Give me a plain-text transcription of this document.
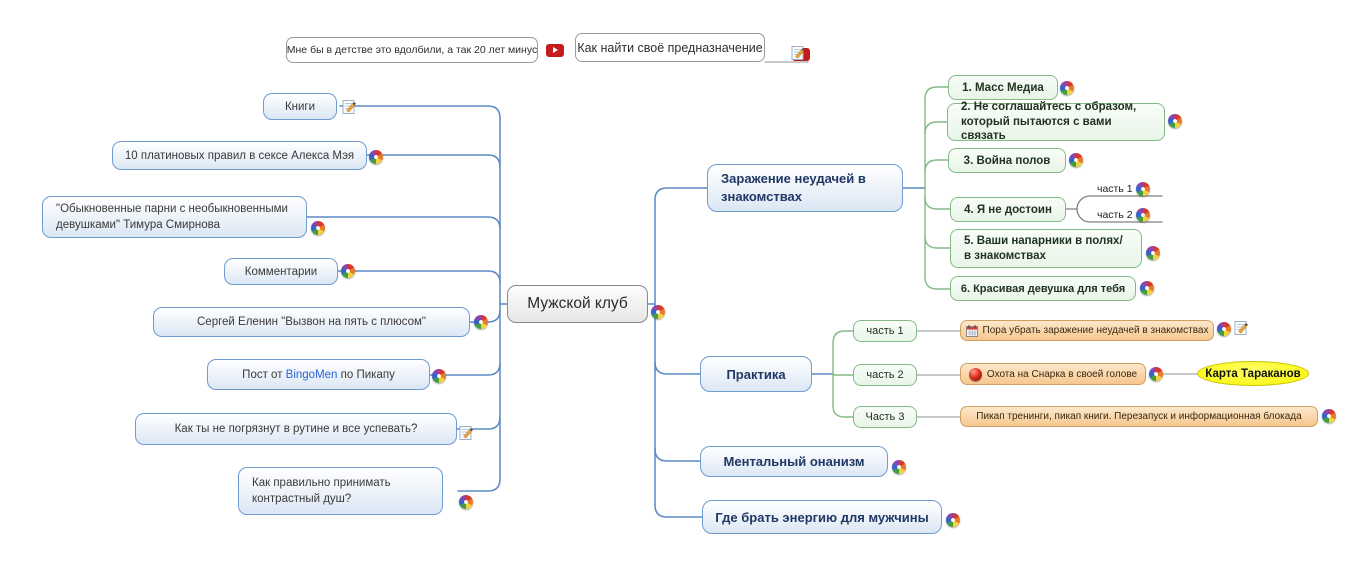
Мне бы в детстве это вдолбили, а так 20 лет минус
	Как найти своё предназначение
Книги
10 платиновых правил в сексе Алекса Мэя
"Обыкновенные парни с необыкновенными девушками" Тимура Смирнова
Комментарии
Сергей Еленин "Вызвон на пять с плюсом"
Пост от BingoMen по Пикапу
Как ты не погрязнут в рутине и все успевать?
Как правильно принимать контрастный душ?
Мужской клуб
Заражение неудачей в знакомствах
1. Масс Медиа
2. Не соглашайтесь с образом, который пытаются с вами связать
3. Война полов
4. Я не достоин
часть 1
часть 2
5. Ваши напарники в полях/в знакомствах
6. Красивая девушка для тебя
Практика
часть 1
часть 2
Часть 3
Пора убрать заражение неудачей в знакомствах
Охота на Снарка в своей голове	Карта Тараканов
Пикап тренинги, пикап книги. Перезапуск и информационная блокада
Ментальный онанизм
Где брать энергию для мужчины
